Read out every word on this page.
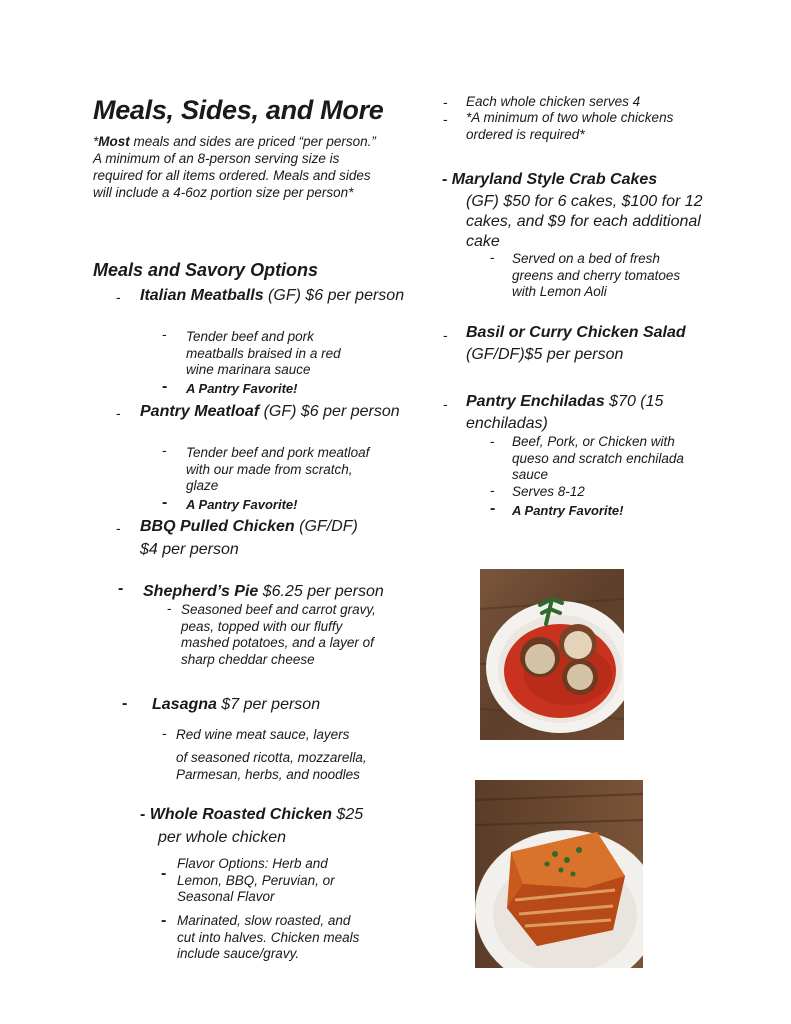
Meals, Sides, and More
*Most meals and sides are priced “per person.” A minimum of an 8-person serving size is required for all items ordered. Meals and sides will include a 4-6oz portion size per person*
Meals and Savory Options
- Italian Meatballs (GF) $6 per person
- Tender beef and pork meatballs braised in a red wine marinara sauce
- A Pantry Favorite!
- Pantry Meatloaf (GF) $6 per person
- Tender beef and pork meatloaf with our made from scratch, glaze
- A Pantry Favorite!
- BBQ Pulled Chicken (GF/DF)
$4 per person
- Shepherd’s Pie $6.25 per person
- Seasoned beef and carrot gravy, peas, topped with our fluffy mashed potatoes, and a layer of sharp cheddar cheese
- Lasagna $7 per person
- Red wine meat sauce, layers
of seasoned ricotta, mozzarella, Parmesan, herbs, and noodles
- Whole Roasted Chicken $25
per whole chicken
-
Flavor Options: Herb and Lemon, BBQ, Peruvian, or Seasonal Flavor
- Marinated, slow roasted, and cut into halves. Chicken meals include sauce/gravy.
- Each whole chicken serves 4
- *A minimum of two whole chickens ordered is required*
- Maryland Style Crab Cakes
(GF) $50 for 6 cakes, $100 for 12 cakes, and $9 for each additional cake
- Served on a bed of fresh greens and cherry tomatoes with Lemon Aoli
- Basil or Curry Chicken Salad
(GF/DF)$5 per person
- Pantry Enchiladas $70 (15 enchiladas)
- Beef, Pork, or Chicken with queso and scratch enchilada sauce
- Serves 8-12
- A Pantry Favorite!
